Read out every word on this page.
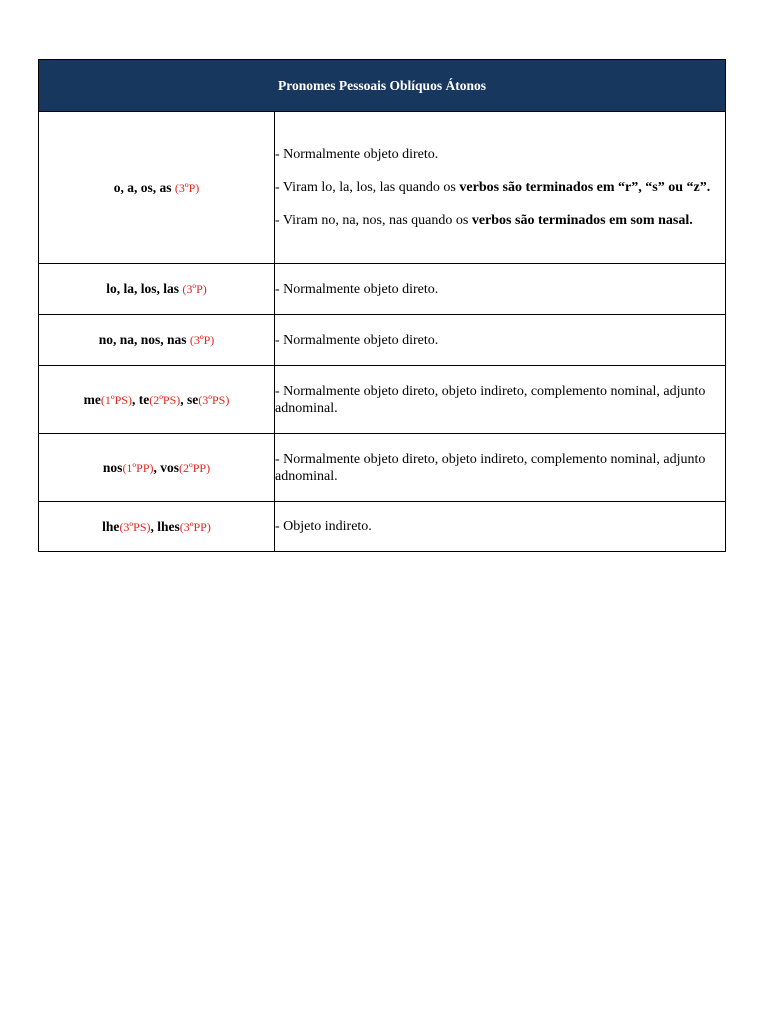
Pronomes Pessoais Oblíquos Átonos	
o, a, os, as (3ºP)	- Normalmente objeto direto.

- Viram lo, la, los, las quando os verbos são terminados em “r”, “s” ou “z”.

- Viram no, na, nos, nas quando os verbos são terminados em som nasal.

lo, la, los, las (3ºP)	- Normalmente objeto direto.
no, na, nos, nas (3ºP)	- Normalmente objeto direto.
me(1ºPS), te(2ºPS), se(3ºPS)	- Normalmente objeto direto, objeto indireto, complemento nominal, adjunto adnominal.
nos(1ºPP), vos(2ºPP)	- Normalmente objeto direto, objeto indireto, complemento nominal, adjunto adnominal.
lhe(3ºPS), lhes(3ºPP)	- Objeto indireto.
